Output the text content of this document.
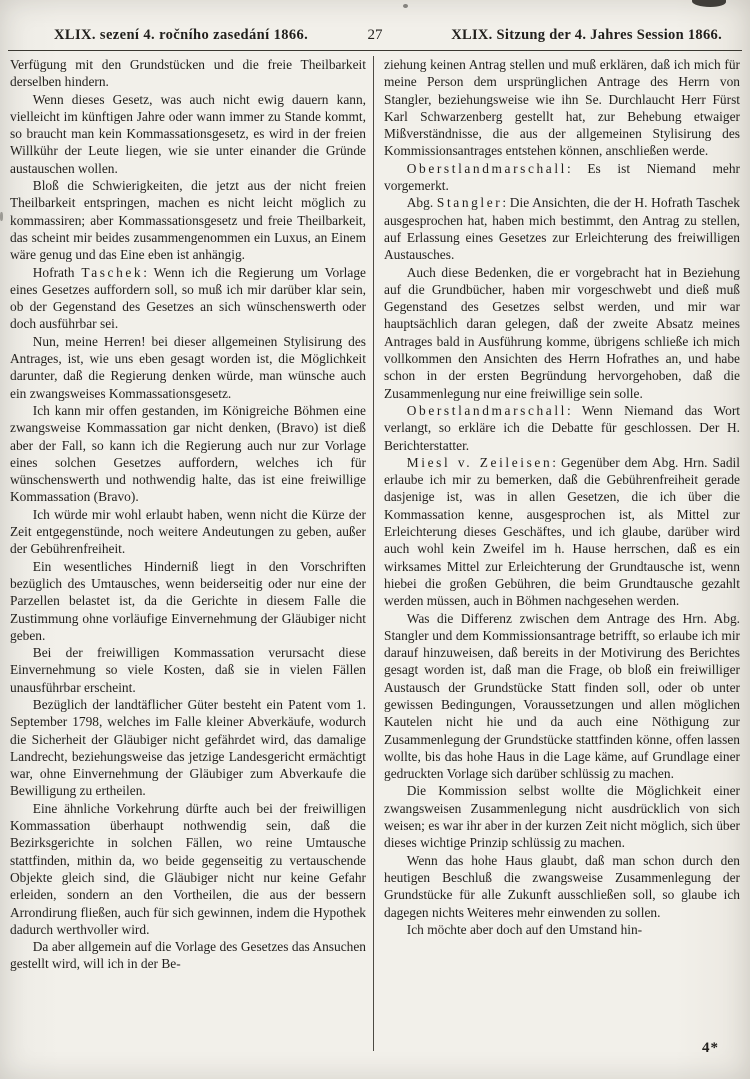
XLIX. sezení 4. ročního zasedání 1866.	27	XLIX. Sitzung der 4. Jahres Session 1866.

Verfügung mit den Grundstücken und die freie Theilbarkeit derselben hindern.

Wenn dieses Gesetz, was auch nicht ewig dauern kann, vielleicht im künftigen Jahre oder wann immer zu Stande kommt, so braucht man kein Kommassationsgesetz, es wird in der freien Willkühr der Leute liegen, wie sie unter einander die Gründe austauschen wollen.

Bloß die Schwierigkeiten, die jetzt aus der nicht freien Theilbarkeit entspringen, machen es nicht leicht möglich zu kommassiren; aber Kommassationsgesetz und freie Theilbarkeit, das scheint mir beides zusammengenommen ein Luxus, an Einem wäre genug und das Eine eben ist anhängig.

Hofrath Taschek: Wenn ich die Regierung um Vorlage eines Gesetzes auffordern soll, so muß ich mir darüber klar sein, ob der Gegenstand des Gesetzes an sich wünschenswerth oder doch ausführbar sei.

Nun, meine Herren! bei dieser allgemeinen Stylisirung des Antrages, ist, wie uns eben gesagt worden ist, die Möglichkeit darunter, daß die Regierung denken würde, man wünsche auch ein zwangsweises Kommassationsgesetz.

Ich kann mir offen gestanden, im Königreiche Böhmen eine zwangsweise Kommassation gar nicht denken, (Bravo) ist dieß aber der Fall, so kann ich die Regierung auch nur zur Vorlage eines solchen Gesetzes auffordern, welches ich für wünschenswerth und nothwendig halte, das ist eine freiwillige Kommassation (Bravo).

Ich würde mir wohl erlaubt haben, wenn nicht die Kürze der Zeit entgegenstünde, noch weitere Andeutungen zu geben, außer der Gebührenfreiheit.

Ein wesentliches Hinderniß liegt in den Vorschriften bezüglich des Umtausches, wenn beiderseitig oder nur eine der Parzellen belastet ist, da die Gerichte in diesem Falle die Zustimmung ohne vorläufige Einvernehmung der Gläubiger nicht geben.

Bei der freiwilligen Kommassation verursacht diese Einvernehmung so viele Kosten, daß sie in vielen Fällen unausführbar erscheint.

Bezüglich der landtäflicher Güter besteht ein Patent vom 1. September 1798, welches im Falle kleiner Abverkäufe, wodurch die Sicherheit der Gläubiger nicht gefährdet wird, das damalige Landrecht, beziehungsweise das jetzige Landesgericht ermächtigt war, ohne Einvernehmung der Gläubiger zum Abverkaufe die Bewilligung zu ertheilen.

Eine ähnliche Vorkehrung dürfte auch bei der freiwilligen Kommassation überhaupt nothwendig sein, daß die Bezirksgerichte in solchen Fällen, wo reine Umtausche stattfinden, mithin da, wo beide gegenseitig zu vertauschende Objekte gleich sind, die Gläubiger nicht nur keine Gefahr erleiden, sondern an den Vortheilen, die aus der bessern Arrondirung fließen, auch für sich gewinnen, indem die Hypothek dadurch werthvoller wird.

Da aber allgemein auf die Vorlage des Gesetzes das Ansuchen gestellt wird, will ich in der Be-

ziehung keinen Antrag stellen und muß erklären, daß ich mich für meine Person dem ursprünglichen Antrage des Herrn von Stangler, beziehungsweise wie ihn Se. Durchlaucht Herr Fürst Karl Schwarzenberg gestellt hat, zur Behebung etwaiger Mißverständnisse, die aus der allgemeinen Stylisirung des Kommissionsantrages entstehen können, anschließen werde.

Oberstlandmarschall: Es ist Niemand mehr vorgemerkt.

Abg. Stangler: Die Ansichten, die der H. Hofrath Taschek ausgesprochen hat, haben mich bestimmt, den Antrag zu stellen, auf Erlassung eines Gesetzes zur Erleichterung des freiwilligen Austausches.

Auch diese Bedenken, die er vorgebracht hat in Beziehung auf die Grundbücher, haben mir vorgeschwebt und dieß muß Gegenstand des Gesetzes selbst werden, und mir war hauptsächlich daran gelegen, daß der zweite Absatz meines Antrages bald in Ausführung komme, übrigens schließe ich mich vollkommen den Ansichten des Herrn Hofrathes an, und habe schon in der ersten Begründung hervorgehoben, daß die Zusammenlegung nur eine freiwillige sein solle.

Oberstlandmarschall: Wenn Niemand das Wort verlangt, so erkläre ich die Debatte für geschlossen. Der H. Berichterstatter.

Miesl v. Zeileisen: Gegenüber dem Abg. Hrn. Sadil erlaube ich mir zu bemerken, daß die Gebührenfreiheit gerade dasjenige ist, was in allen Gesetzen, die ich über die Kommassation kenne, ausgesprochen ist, als Mittel zur Erleichterung dieses Geschäftes, und ich glaube, darüber wird auch wohl kein Zweifel im h. Hause herrschen, daß es ein wirksames Mittel zur Erleichterung der Grundtausche ist, wenn hiebei die großen Gebühren, die beim Grundtausche gezahlt werden müssen, auch in Böhmen nachgesehen werden.

Was die Differenz zwischen dem Antrage des Hrn. Abg. Stangler und dem Kommissionsantrage betrifft, so erlaube ich mir darauf hinzuweisen, daß bereits in der Motivirung des Berichtes gesagt worden ist, daß man die Frage, ob bloß ein freiwilliger Austausch der Grundstücke Statt finden soll, oder ob unter gewissen Bedingungen, Voraussetzungen und allen möglichen Kautelen nicht hie und da auch eine Nöthigung zur Zusammenlegung der Grundstücke stattfinden könne, offen lassen wollte, bis das hohe Haus in die Lage käme, auf Grundlage einer gedruckten Vorlage sich darüber schlüssig zu machen.

Die Kommission selbst wollte die Möglichkeit einer zwangsweisen Zusammenlegung nicht ausdrücklich von sich weisen; es war ihr aber in der kurzen Zeit nicht möglich, sich über dieses wichtige Prinzip schlüssig zu machen.

Wenn das hohe Haus glaubt, daß man schon durch den heutigen Beschluß die zwangsweise Zusammenlegung der Grundstücke für alle Zukunft ausschließen soll, so glaube ich dagegen nichts Weiteres mehr einwenden zu sollen.

Ich möchte aber doch auf den Umstand hin-

4*
